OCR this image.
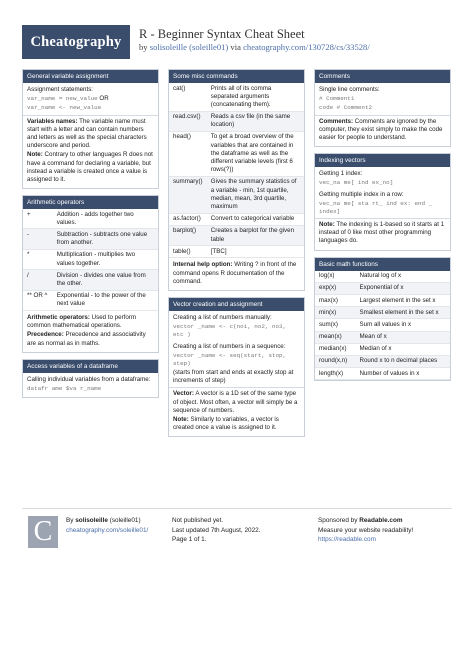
Cheatography	R - Beginner Syntax Cheat Sheet
by solisoleille (soleille01) via cheatography.com/130728/cs/33528/
General variable assignment

Assignment statements:

var_name = new_value OR

var_name <- new_value

Variables names: The variable name must start with a letter and can contain numbers and letters as well as the special characters underscore and period.

Note: Contrary to other languages R does not have a command for declaring a variable, but instead a variable is created once a value is assigned to it.

Arithmetic operators
+	Addition - adds together two values.
-	Subtraction - subtracts one value from another.
*	Multiplication - multiplies two values together.
/	Division - divides one value from the other.
** OR ^	Exponential - to the power of the next value

Arithmetic operators: Used to perform common mathematical operations.

Precedence: Precedence and associativity are as normal as in maths.

Access variables of a dataframe

Calling individual variables from a dataframe:

datafr ame $va r_name

Some misc commands
cat()	Prints all of its comma separated arguments (concatenating them).
read.csv()	Reads a csv file (in the same location)
head()	To get a broad overview of the variables that are contained in the dataframe as well as the different variable levels (first 6 rows(?))
summary()	Gives the summary statistics of a variable - min, 1st quartile, median, mean, 3rd quartile, maximum
as.factor()	Convert to categorical variable
barplot()	Creates a barplot for the given table
table()	[TBC]

Internal help option: Writing ? in front of the command opens R documentation of the command.

Vector creation and assignment

Creating a list of numbers manually:

vector _name <- c(no1, no2, no3, etc )

Creating a list of numbers in a sequence:

vector _name <- seq(start, stop, step)

(starts from start and ends at exactly stop at increments of step)

Vector: A vector is a 1D set of the same type of object. Most often, a vector will simply be a sequence of numbers.

Note: Similarly to variables, a vector is created once a value is assigned to it.

Comments

Single line comments:

# Comment1

code # Comment2

Comments: Comments are ignored by the computer, they exist simply to make the code easier for people to understand.

Indexing vectors

Getting 1 index:

vec_na me[ ind ex_no]

Getting multiple index in a row:

vec_na me[ sta rt_ ind ex: end _ index]

Note: The indexing is 1-based so it starts at 1 instead of 0 like most other programming languages do.

Basic math functions
log(x)	Natural log of x
exp(x)	Exponential of x
max(x)	Largest element in the set x
min(x)	Smallest element in the set x
sum(x)	Sum all values in x
mean(x)	Mean of x
median(x)	Median of x
round(x,n)	Round x to n decimal places
length(x)	Number of values in x
C	By solisoleille (soleille01)
cheatography.com/soleille01/
Not published yet.
Last updated 7th August, 2022.
Page 1 of 1.
Sponsored by Readable.com
Measure your website readability!
https://readable.com
